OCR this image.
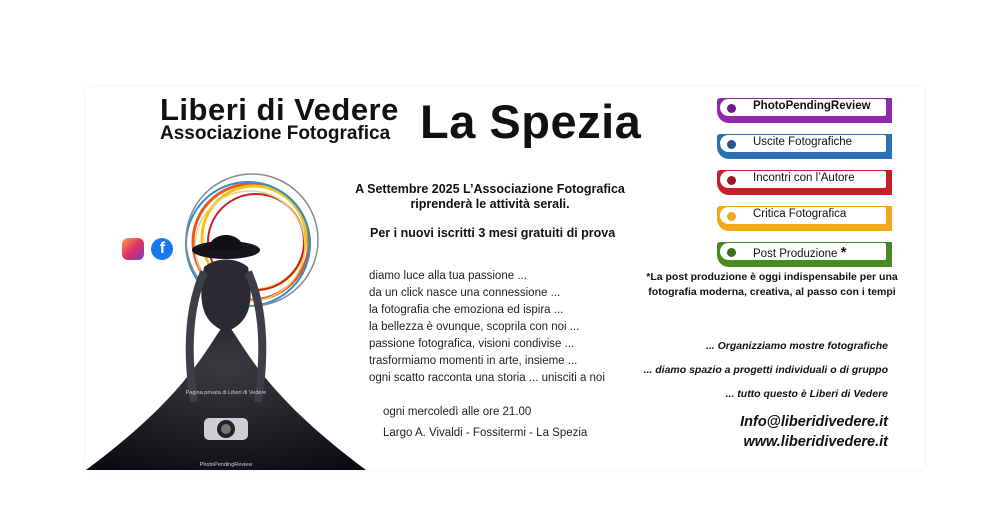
Liberi di Vedere
Associazione Fotografica La Spezia
Pagina privata di Liberi di Vedere
PhotoPendingReview
f
A Settembre 2025 L’Associazione Fotografica
riprenderà le attività serali.
Per i nuovi iscritti 3 mesi gratuiti di prova
diamo luce alla tua passione ...
da un click nasce una connessione ...
la fotografia che emoziona ed ispira ...
la bellezza è ovunque, scoprila con noi ...
passione fotografica, visioni condivise ...
trasformiamo momenti in arte, insieme ...
ogni scatto racconta una storia ... unisciti a noi
ogni mercoledì alle ore 21.00
Largo A. Vivaldi - Fossitermi - La Spezia
PhotoPendingReview
Uscite Fotografiche
Incontri con l’Autore
Critica Fotografica
Post Produzione *
*La post produzione è oggi indispensabile per una fotografia moderna, creativa, al passo con i tempi
... Organizziamo mostre fotografiche
... diamo spazio a progetti individuali o di gruppo
... tutto questo è Liberi di Vedere
Info@liberidivedere.it
www.liberidivedere.it
